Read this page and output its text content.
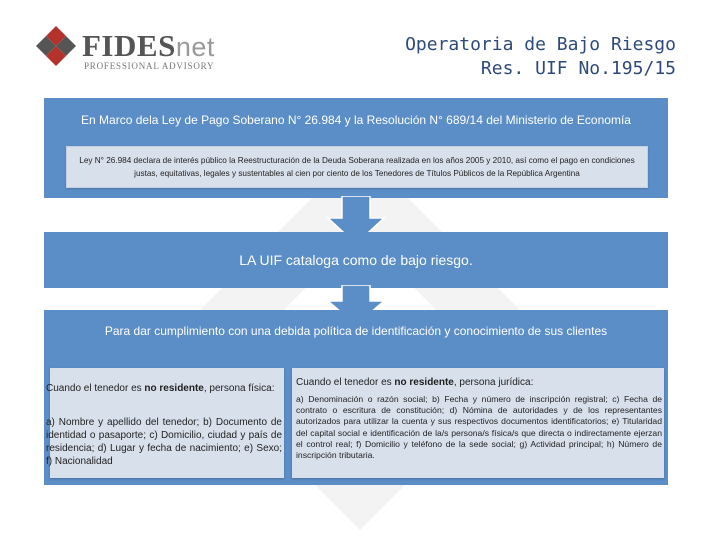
FIDESnet
PROFESSIONAL ADVISORY
Operatoria de Bajo Riesgo
Res. UIF No.195/15
En Marco dela Ley de Pago Soberano N° 26.984 y la Resolución N° 689/14 del Ministerio de Economía
Ley N° 26.984 declara de interés público la Reestructuración de la Deuda Soberana realizada en los años 2005 y 2010, así como el pago en condiciones justas, equitativas, legales y sustentables al cien por ciento de los Tenedores de Títulos Públicos de la República Argentina
LA UIF cataloga como de bajo riesgo.
Para dar cumplimiento con una debida política de identificación y conocimiento de sus clientes
Cuando el tenedor es no residente, persona física:
a) Nombre y apellido del tenedor; b) Documento de identidad o pasaporte; c) Domicilio, ciudad y país de residencia; d) Lugar y fecha de nacimiento; e) Sexo; f) Nacionalidad
Cuando el tenedor es no residente, persona jurídica:
a) Denominación o razón social; b) Fecha y número de inscripción registral; c) Fecha de contrato o escritura de constitución; d) Nómina de autoridades y de los representantes autorizados para utilizar la cuenta y sus respectivos documentos identificatorios; e) Titularidad del capital social e identificación de la/s persona/s física/s que directa o indirectamente ejerzan el control real; f) Domicilio y teléfono de la sede social; g) Actividad principal; h) Número de inscripción tributaria.
